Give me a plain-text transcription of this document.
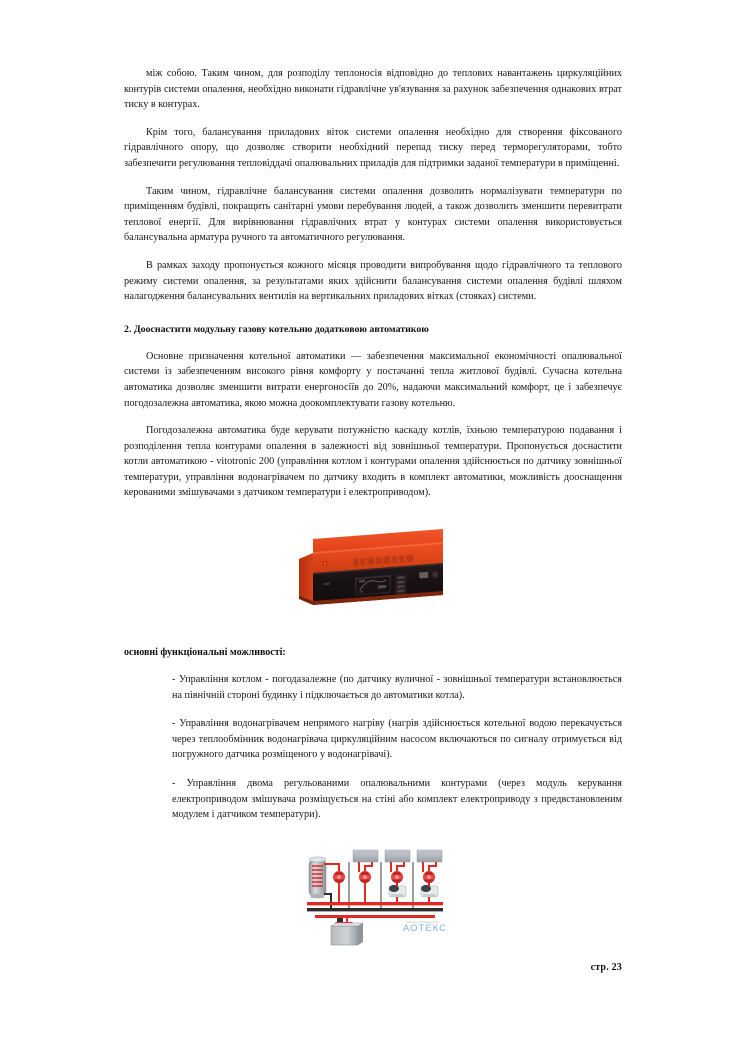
між собою. Таким чином, для розподілу теплоносія відповідно до теплових навантажень циркуляційних контурів системи опалення, необхідно виконати гідравлічне ув'язування за рахунок забезпечення однакових втрат тиску в контурах.

Крім того, балансування приладових віток системи опалення необхідно для створення фіксованого гідравлічного опору, що дозволяє створити необхідний перепад тиску перед терморегуляторами, тобто забезпечити регулювання тепловіддачі опалювальних приладів для підтримки заданої температури в приміщенні.

Таким чином, гідравлічне балансування системи опалення дозволить нормалізувати температури по приміщенням будівлі, покращить санітарні умови перебування людей, а також дозволить зменшити перевитрати теплової енергії. Для вирівнювання гідравлічних втрат у контурах системи опалення використовується балансувальна арматура ручного та автоматичного регулювання.

В рамках заходу пропонується кожного місяця проводити випробування щодо гідравлічного та теплового режиму системи опалення, за результатами яких здійснити балансування системи опалення будівлі шляхом налагодження балансувальних вентилів на вертикальних приладових вітках (стояках) системи.

2. Дооснастити модульну газову котельню додатковою автоматикою

Основне призначення котельної автоматики — забезпечення максимальної економічності опалювальної системи із забезпеченням високого рівня комфорту у постачанні тепла житлової будівлі. Сучасна котельна автоматика дозволяє зменшити витрати енергоносіїв до 20%, надаючи максимальний комфорт, це і забезпечує погодозалежна автоматика, якою можна доокомплектувати газову котельню.

Погодозалежна автоматика буде керувати потужністю каскаду котлів, їхньою температурою подавання і розподілення тепла контурами опалення в залежності від зовнішньої температури. Пропонується доснастити котли автоматикою - vitotronic 200 (управління котлом і контурами опалення здійснюється по датчику зовнішньої температури, управління водонагрівачем по датчику входить в комплект автоматики, можливість дооснащення керованими змішувачами з датчиком температури і електроприводом).

основні функціональні можливості:
- Управління котлом - погодазалежне (по датчику вуличної - зовнішньої температури встановлюється на північній стороні будинку і підключається до автоматики котла).
- Управління водонагрівачем непрямого нагріву (нагрів здійснюється котельної водою перекачується через теплообмінник водонагрівача циркуляційним насосом включаються по сигналу отримується від погружного датчика розміщеного у водонагрівачі).
- Управління двома регульованими опалювальними контурами (через модуль керування електроприводом змішувача розміщується на стіні або комплект електроприводу з предвстановленим модулем і датчиком температури).
АОТЕКС
Газове обладнання
стр. 23
